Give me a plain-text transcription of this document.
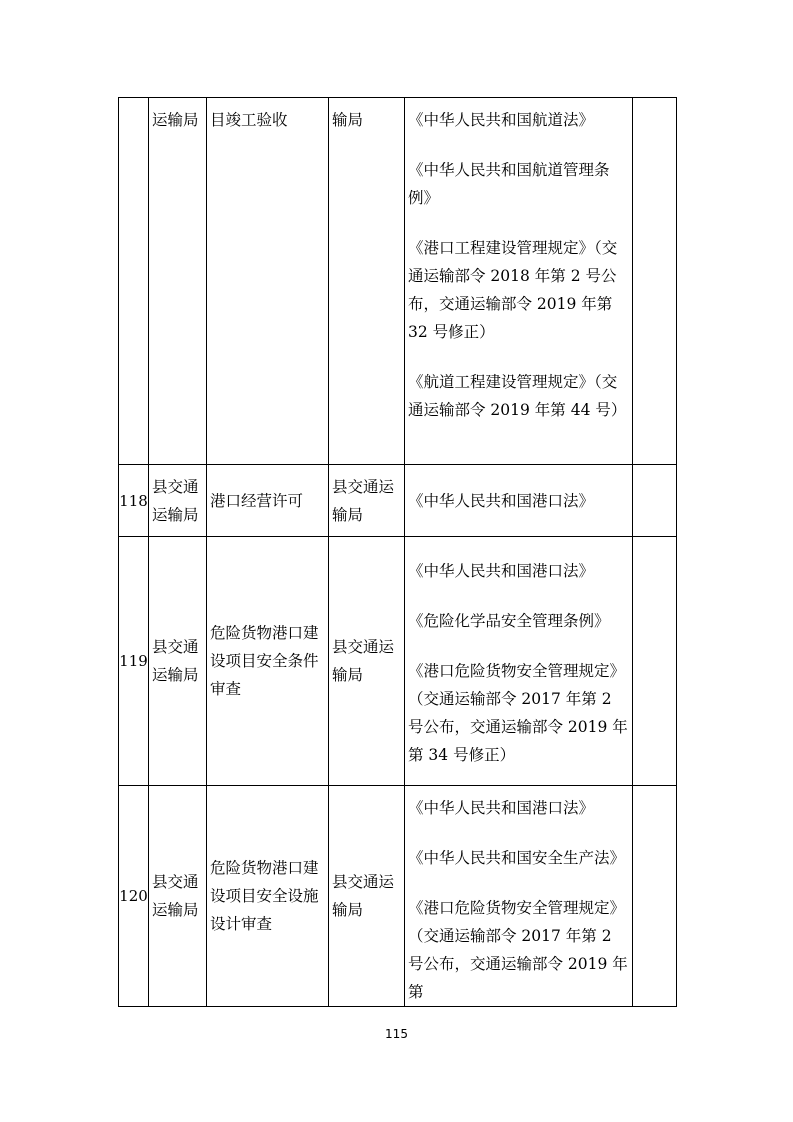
	运输局	目竣工验收	输局	《中华人民共和国航道法》
《中华人民共和国航道管理条例》
《港口工程建设管理规定》（交通运输部令 2018 年第 2 号公布，交通运输部令 2019 年第 32 号修正）
《航道工程建设管理规定》（交通运输部令 2019 年第 44 号）	

118	县交通运输局	港口经营许可	县交通运输局	《中华人民共和国港口法》	

119	县交通运输局	危险货物港口建设项目安全条件审查	县交通运输局	《中华人民共和国港口法》
《危险化学品安全管理条例》
《港口危险货物安全管理规定》（交通运输部令 2017 年第 2 号公布，交通运输部令 2019 年第 34 号修正）	

120	县交通运输局	危险货物港口建设项目安全设施设计审查	县交通运输局	《中华人民共和国港口法》
《中华人民共和国安全生产法》
《港口危险货物安全管理规定》（交通运输部令 2017 年第 2 号公布，交通运输部令 2019 年第	

115
